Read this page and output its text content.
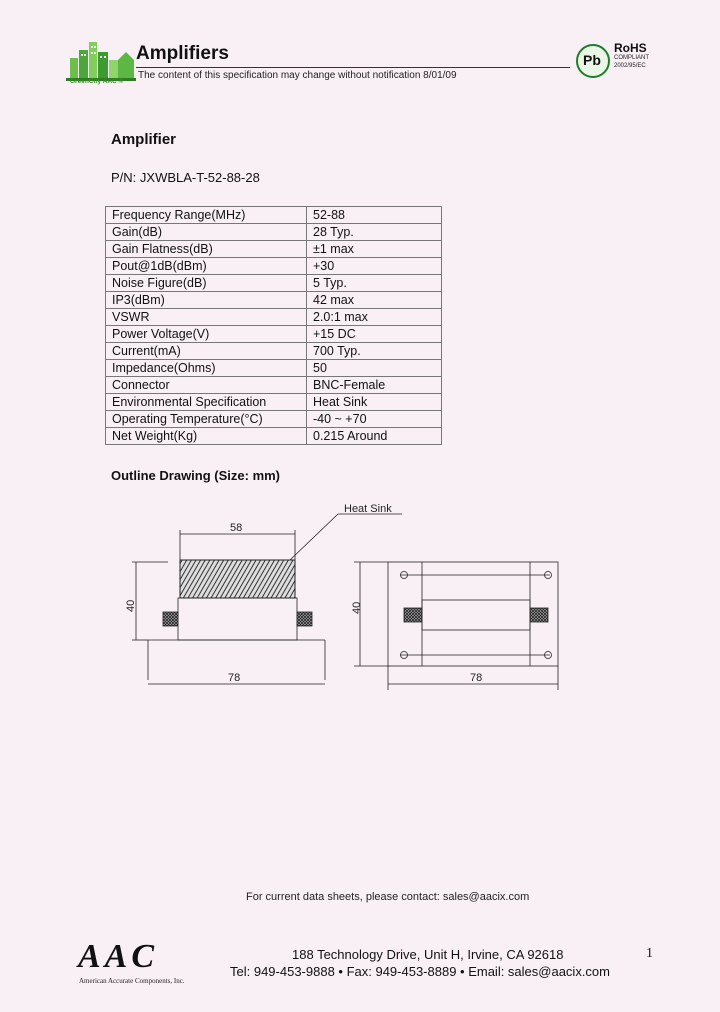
GreenCity AAC ®
Amplifiers
The content of this specification may change without notification 8/01/09
Pb
RoHS
COMPLIANT
2002/95/EC
Amplifier
P/N: JXWBLA-T-52-88-28
Frequency Range(MHz)	52-88
Gain(dB)	28 Typ.
Gain Flatness(dB)	±1 max
Pout@1dB(dBm)	+30
Noise Figure(dB)	5 Typ.
IP3(dBm)	42 max
VSWR	2.0:1 max
Power Voltage(V)	+15 DC
Current(mA)	700 Typ.
Impedance(Ohms)	50
Connector	BNC-Female
Environmental Specification	Heat Sink
Operating Temperature(°C)	-40 ~ +70
Net Weight(Kg)	0.215 Around
Outline Drawing (Size: mm)
Heat Sink
58
40
78
40
78
For current data sheets, please contact: sales@aacix.com
AAC
American Accurate Components, Inc.
188 Technology Drive, Unit H, Irvine, CA 92618
Tel: 949-453-9888 • Fax: 949-453-8889 • Email: sales@aacix.com
1
